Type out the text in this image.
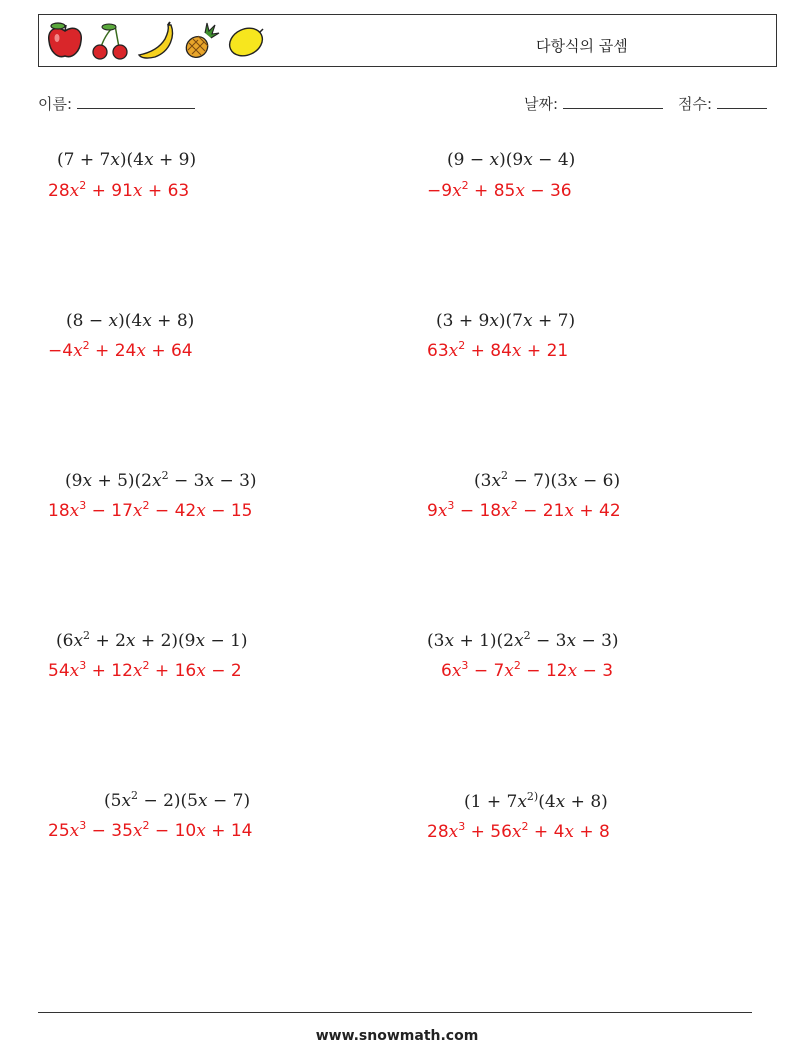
다항식의 곱셈
이름:	날짜:	점수:
(7 + 7x)(4x + 9)
$28x^2 + 91x + 63$
(9 − x)(9x − 4)
$-9x^2 + 85x - 36$
(8 − x)(4x + 8)
$-4x^2 + 24x + 64$
(3 + 9x)(7x + 7)
$63x^2 + 84x + 21$
$(9x + 5)(2x^2 - 3x - 3)$
$18x^3 - 17x^2 - 42x - 15$
$(3x^2 - 7)(3x - 6)$
$9x^3 - 18x^2 - 21x + 42$
$(6x^2 + 2x + 2)(9x - 1)$
$54x^3 + 12x^2 + 16x - 2$
$(3x + 1)(2x^2 - 3x - 3)$
$6x^3 - 7x^2 - 12x - 3$
$(5x^2 - 2)(5x - 7)$
$25x^3 - 35x^2 - 10x + 14$
($1 + 7x^{2)}(4x + 8)$
$28x^3 + 56x^2 + 4x + 8$
www.snowmath.com
